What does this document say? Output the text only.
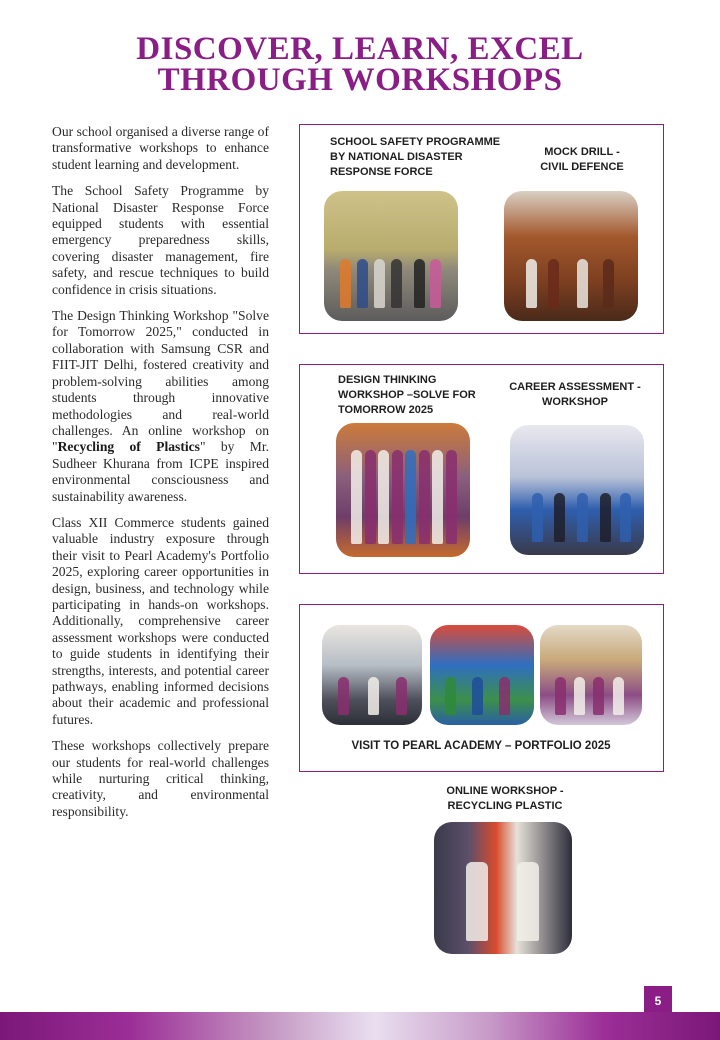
DISCOVER, LEARN, EXCEL
THROUGH WORKSHOPS

Our school organised a diverse range of transformative workshops to enhance student learning and development.

The School Safety Programme by National Disaster Response Force equipped students with essential emergency preparedness skills, covering disaster management, fire safety, and rescue techniques to build confidence in crisis situations.

The Design Thinking Workshop "Solve for Tomorrow 2025," conducted in collaboration with Samsung CSR and FIIT-JIT Delhi, fostered creativity and problem-solving abilities among students through innovative methodologies and real-world challenges. An online workshop on "Recycling of Plastics" by Mr. Sudheer Khurana from ICPE inspired environmental consciousness and sustainability awareness.

Class XII Commerce students gained valuable industry exposure through their visit to Pearl Academy's Portfolio 2025, exploring career opportunities in design, business, and technology while participating in hands-on workshops. Additionally, comprehensive career assessment workshops were conducted to guide students in identifying their strengths, interests, and potential career pathways, enabling informed decisions about their academic and professional futures.

These workshops collectively prepare our students for real-world challenges while nurturing critical thinking, creativity, and environmental responsibility.

SCHOOL SAFETY PROGRAMME BY NATIONAL DISASTER RESPONSE FORCE
MOCK DRILL - CIVIL DEFENCE
DESIGN THINKING WORKSHOP –SOLVE FOR TOMORROW 2025
CAREER ASSESSMENT - WORKSHOP
VISIT TO PEARL ACADEMY – PORTFOLIO 2025
ONLINE WORKSHOP - RECYCLING PLASTIC
5
